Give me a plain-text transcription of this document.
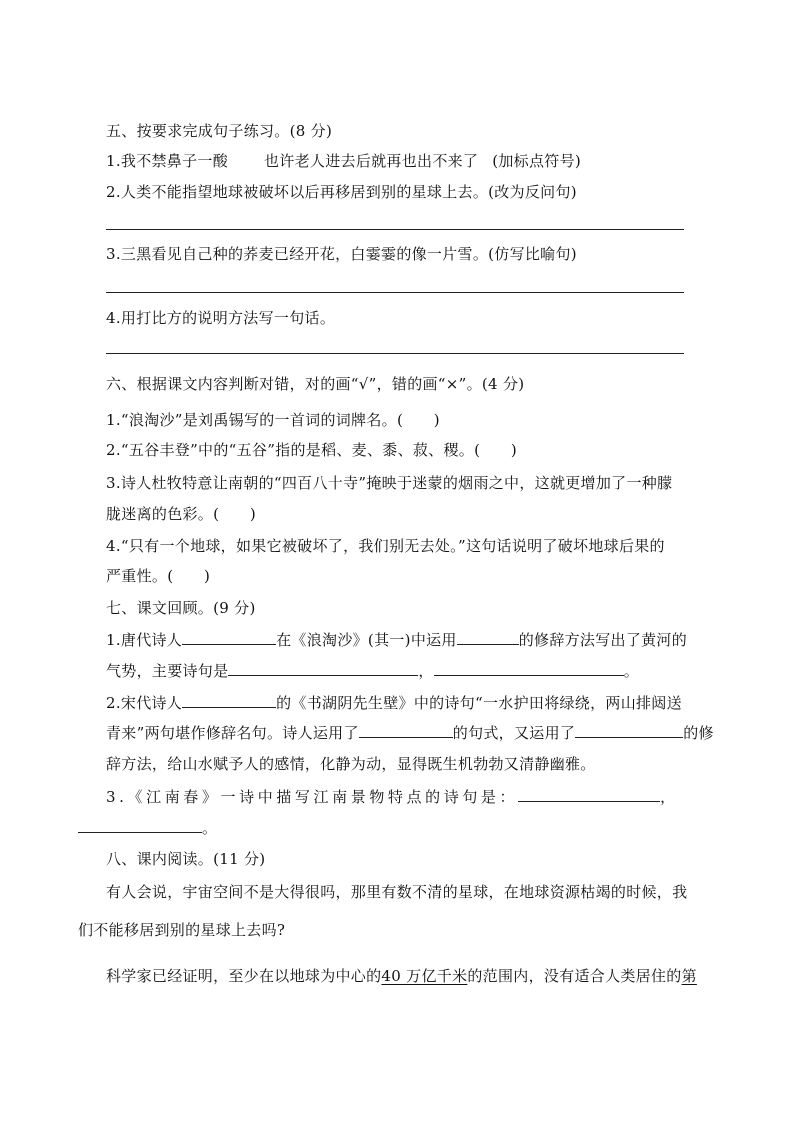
五、按要求完成句子练习。(8 分)
1.我不禁鼻子一酸 也许老人进去后就再也出不来了 (加标点符号)
2.人类不能指望地球被破坏以后再移居到别的星球上去。(改为反问句)
3.三黑看见自己种的荞麦已经开花，白霎霎的像一片雪。(仿写比喻句)
4.用打比方的说明方法写一句话。
六、根据课文内容判断对错，对的画“√”，错的画“×”。(4 分)
1.“浪淘沙”是刘禹锡写的一首词的词牌名。(　　)
2.“五谷丰登”中的“五谷”指的是稻、麦、黍、菽、稷。(　　)
3.诗人杜牧特意让南朝的“四百八十寺”掩映于迷蒙的烟雨之中，这就更增加了一种朦
胧迷离的色彩。(　　)
4.“只有一个地球，如果它被破坏了，我们别无去处。”这句话说明了破坏地球后果的
严重性。(　　)
七、课文回顾。(9 分)
1.唐代诗人	在《浪淘沙》(其一)中运用	的修辞方法写出了黄河的
气势，主要诗句是	，	。
2.宋代诗人	的《书湖阴先生壁》中的诗句“一水护田将绿绕，两山排闼送
青来”两句堪作修辞名句。诗人运用了	的句式，又运用了	的修
辞方法，给山水赋予人的感情，化静为动，显得既生机勃勃又清静幽雅。
3.《江南春》一诗中描写江南景物特点的诗句是：	，
。
八、课内阅读。(11 分)
有人会说，宇宙空间不是大得很吗，那里有数不清的星球，在地球资源枯竭的时候，我
们不能移居到别的星球上去吗?
科学家已经证明，至少在以地球为中心的40 万亿千米的范围内，没有适合人类居住的第
